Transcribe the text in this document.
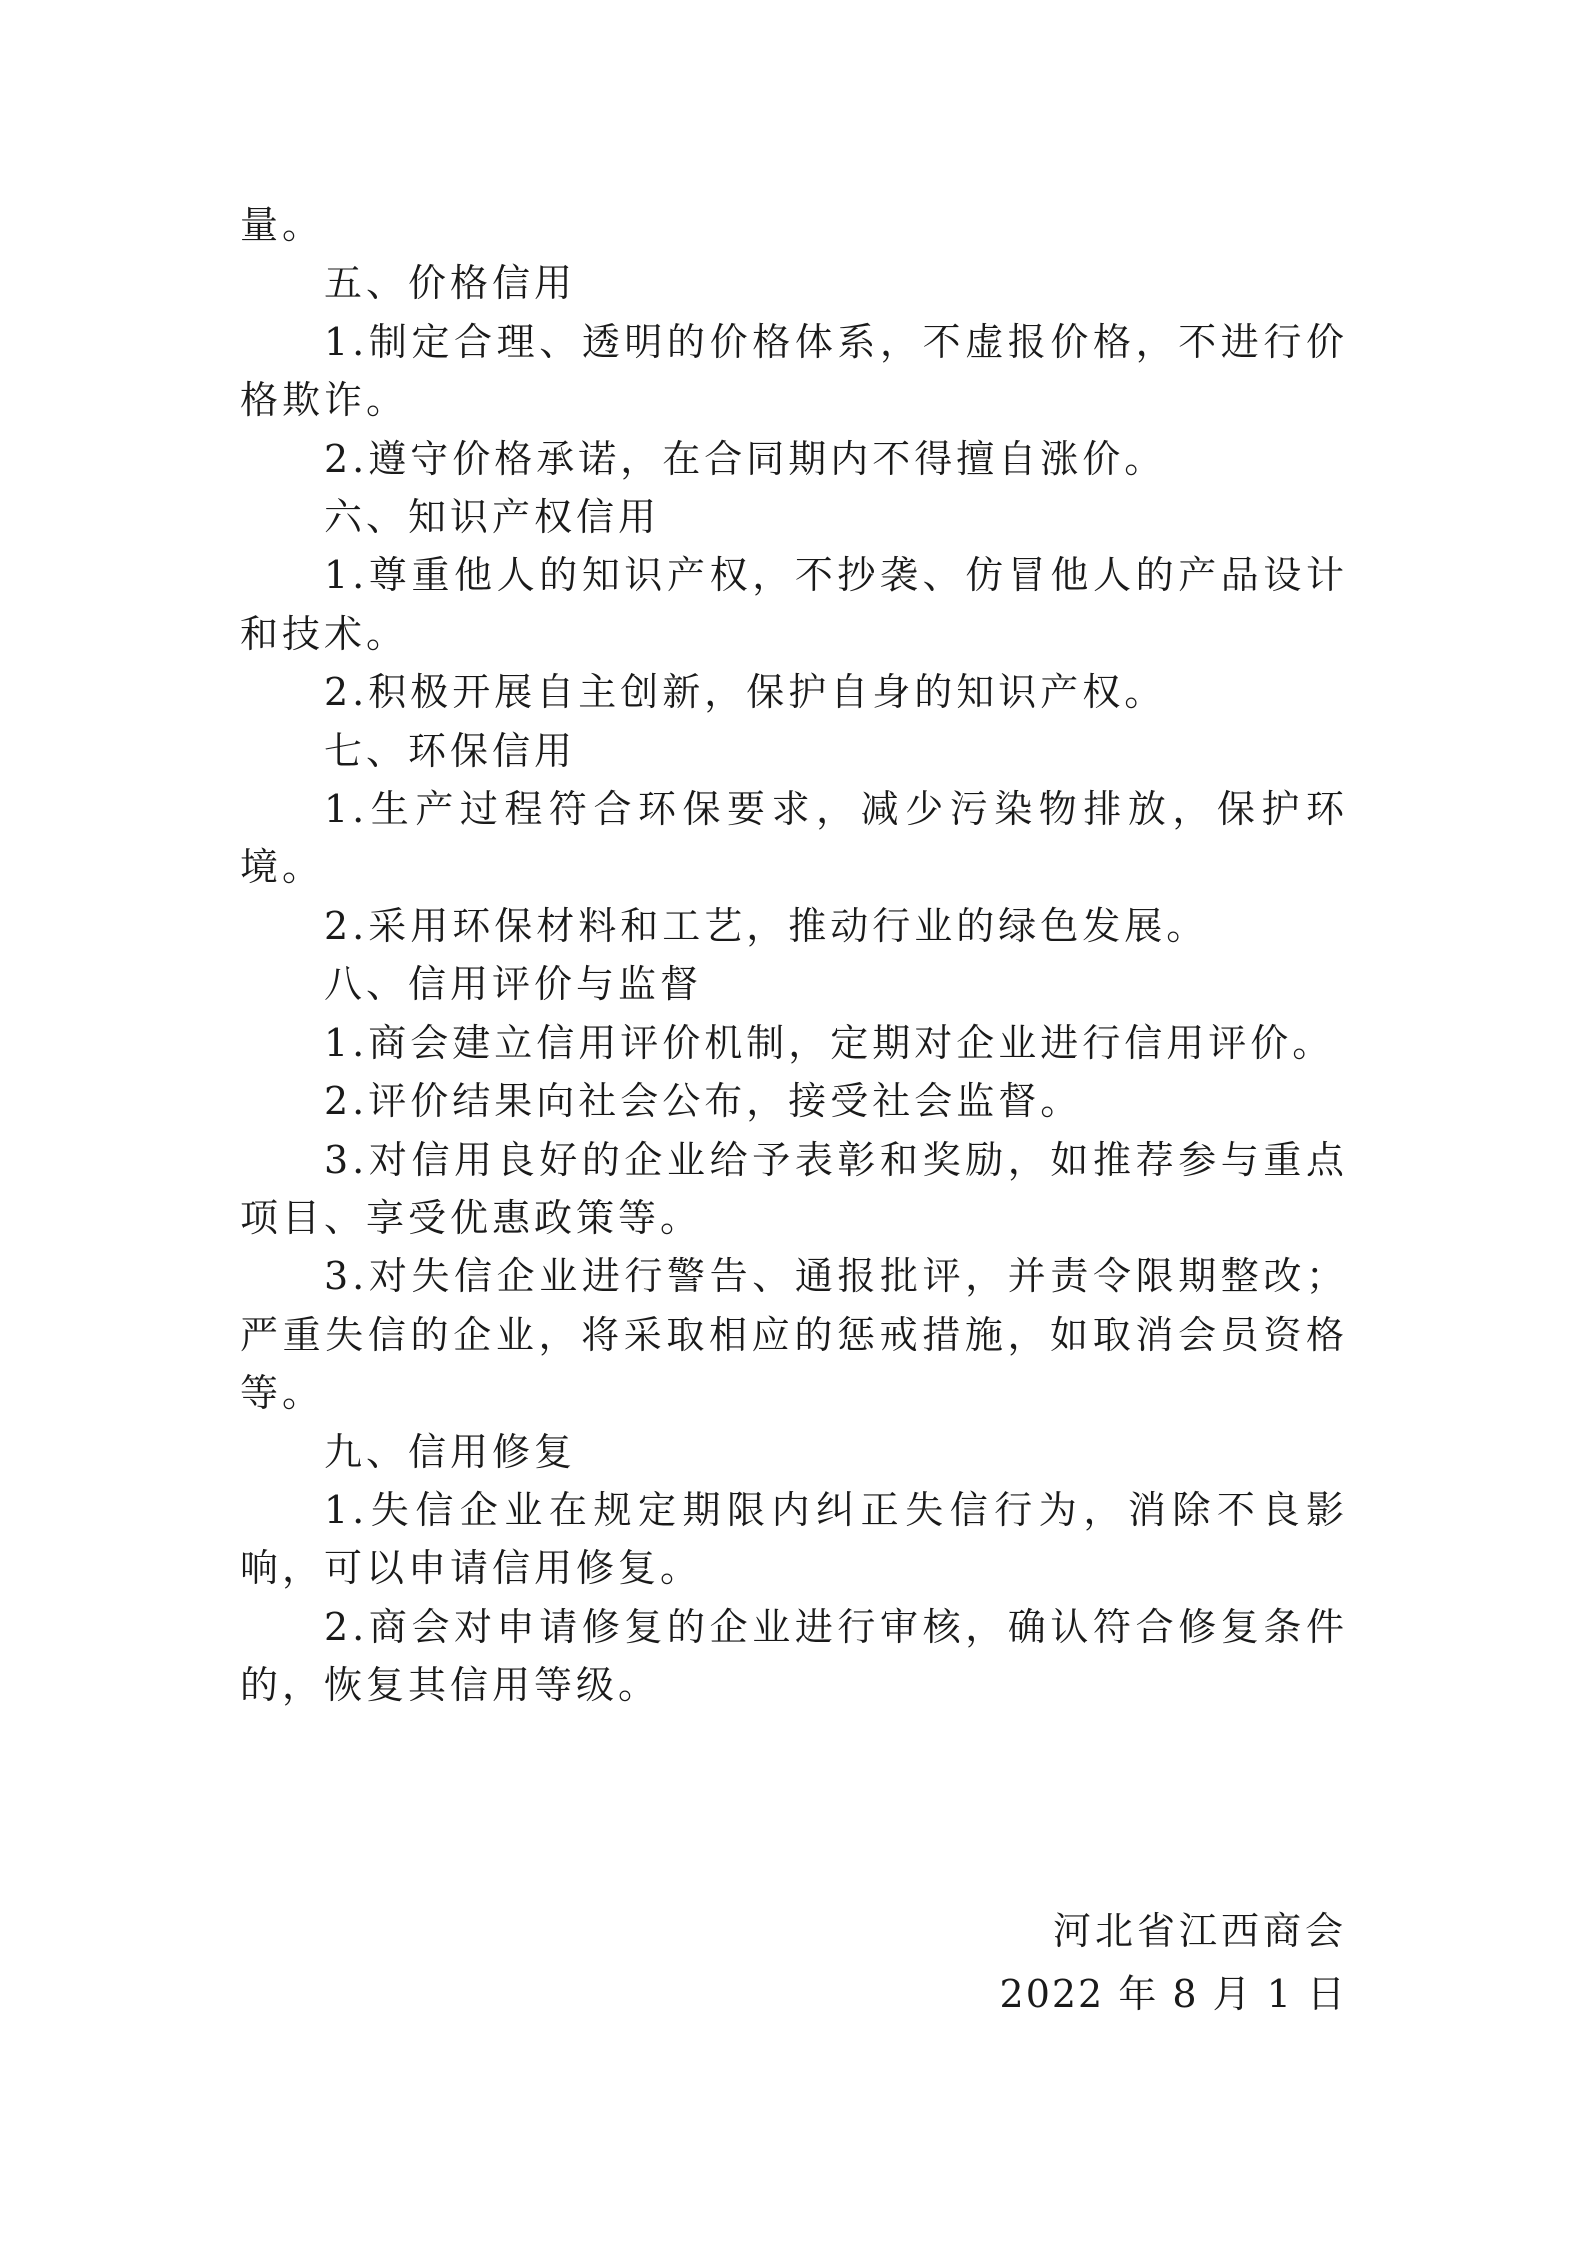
量。

五、价格信用

1.制定合理、透明的价格体系，不虚报价格，不进行价格欺诈。

2.遵守价格承诺，在合同期内不得擅自涨价。

六、知识产权信用

1.尊重他人的知识产权，不抄袭、仿冒他人的产品设计和技术。

2.积极开展自主创新，保护自身的知识产权。

七、环保信用

1.生产过程符合环保要求，减少污染物排放，保护环境。

2.采用环保材料和工艺，推动行业的绿色发展。

八、信用评价与监督

1.商会建立信用评价机制，定期对企业进行信用评价。

2.评价结果向社会公布，接受社会监督。

3.对信用良好的企业给予表彰和奖励，如推荐参与重点项目、享受优惠政策等。

3.对失信企业进行警告、通报批评，并责令限期整改；严重失信的企业，将采取相应的惩戒措施，如取消会员资格等。

九、信用修复

1.失信企业在规定期限内纠正失信行为，消除不良影响，可以申请信用修复。

2.商会对申请修复的企业进行审核，确认符合修复条件的，恢复其信用等级。

河北省江西商会
2022 年 8 月 1 日
